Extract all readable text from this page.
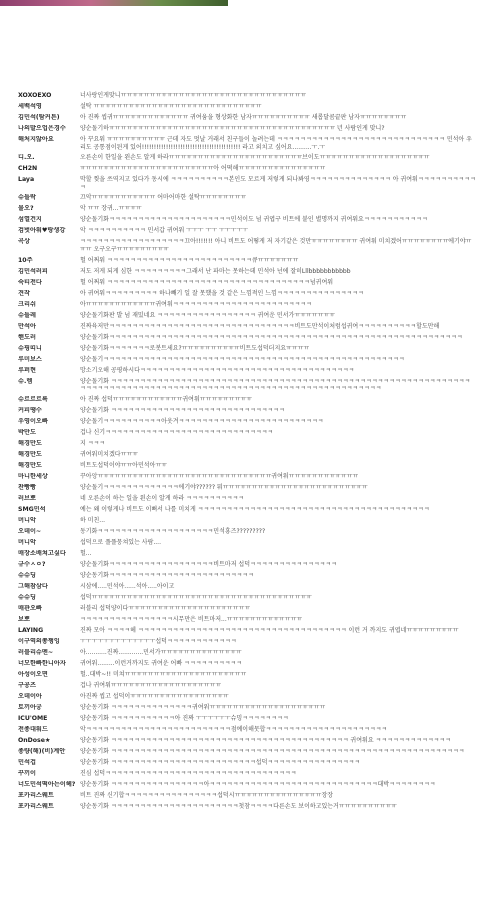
XOXOEXO	너사랑인게맞니ㅠㅠㅠㅠㅠㅠㅠㅠㅠㅠㅠㅠㅠㅠㅠㅠㅠㅠㅠㅠㅠㅠㅠㅠㅠㅠㅠㅠㅠㅠㅠㅠ
세백석영	설탁 ㅠㅠㅠㅠㅠㅠㅠㅠㅠㅠㅠㅠㅠㅠㅠㅠㅠㅠㅠㅠㅠㅠㅠㅠㅠㅠㅠㅠㅠ
김민석(탐커튼)	아 진짜 씹귀ㅠㅠㅠㅠㅠㅠㅠㅠㅠㅠㅠㅠㅠ 귀여움을 형상화한 남자ㅠㅠㅠㅠㅠㅠㅠㅠㅠㅠ 새롭달콤끝판 남자ㅠㅠㅠㅠㅠㅠㅠㅠ
나의발으업은경수	양순돌기하ㅠㅠㅠㅠㅠㅠㅠㅠㅠㅠㅠㅠㅠㅠㅠㅠㅠㅠㅠㅠㅠㅠㅠㅠㅠㅠㅠㅠㅠㅠㅠㅠㅠㅠㅠㅠㅠㅠㅠ 년 사람인게 맞니?
해처지않아요	아 꾸요워 ㅠㅠㅠㅠㅠㅠㅠㅠㅠㅠ 근데 자도 멋날 거래서 친구들이 놀려는데 ㅋㅋㅋㅋㅋㅋㅋㅋㅋㅋㅋㅋㅋㅋㅋㅋㅋㅋㅋㅋㅋㅋㅋㅋㅋㅋㅋㅋㅋ 민석아 우리도 공통점이된게 있어!!!!!!!!!!!!!!!!!!!!!!!!!!!!!!!!!!!!!!!!! 라고 외치고 싶어요..........ㅜ.ㅜ
디.오.	오른손이 한일을 왼손도 알게 하라ㅠㅠㅠㅠㅠㅠㅠㅠㅠㅠㅠㅠㅠㅠㅠㅠㅠㅠㅠㅠㅠㅠㅠ브이도ㅠㅠㅠㅠㅠㅠㅠㅠㅠㅠㅠㅠㅠㅠㅠㅠㅠㅠㅠ
CH2N	ㅠㅠㅠㅠㅠㅠㅠㅠㅠㅠㅠㅠㅠㅠㅠㅠㅠㅠㅠㅠㅠㅠㅠ아 어떡해ㅠㅠㅠㅠㅠㅠㅠㅠㅠㅠㅠㅠㅠㅠㅠ
Laya	막할 찢을 쓰역지고 있다가 동시에 ㅋㅋㅋㅋㅋㅋㅋㅋㅋㅋ본인도 모르게 저렇게 되나봐영ㅋㅋㅋㅋㅋㅋㅋㅋㅋㅋㅋㅋㅋㅋ 아 귀여워ㅋㅋㅋㅋㅋㅋㅋㅋㅋㅋㅋ
슈들락	끄악ㅠㅠㅠㅠㅠㅠㅠㅠㅠㅠㅠ 어마어마한 설탁ㅠㅠㅠㅠㅠㅠㅠㅠ
물오?	악 ㅠㅠ 장귀...ㅠㅠㅠㅠ
섬열건지	양순돌기화ㅋㅋㅋㅋㅋㅋㅋㅋㅋㅋㅋㅋㅋㅋㅋㅋㅋㅋㅋㅋㅋ민석이도 넘 귀엽구 비트에 붙인 별명까지 귀여워요ㅋㅋㅋㅋㅋㅋㅋㅋㅋㅋㅋ
검벗아워♥랑생강	악 ㅋㅋㅋㅋㅋㅋㅋㅋㅋㅋ 민서갑 귀여워 ㅜㅜㅜ ㅜㅜ ㅜㅜㅜㅜㅜ
곡상	ㅋㅋㅋㅋㅋㅋㅋㅋㅋㅋㅋㅋㅋㅋㅋㅋㅋㅋ끄아!!!!!!! 아니 비트도 어떻게 저 자기같은 것만ㅠㅠㅠㅠㅠㅠㅠㅠ 귀여워 미치겠어ㅠㅠㅠㅠㅠㅠㅠㅠ에기야ㅠㅠㅠ 오구오구ㅠㅠㅠㅠㅠㅠㅠㅠㅠ
10주	헐 어쩌워 ㅋㅋㅋㅋㅋㅋㅋㅋㅋㅋㅋㅋㅋㅋㅋㅋㅋㅋㅋㅋㅋㅋㅋㅋㅋ큐ㅠㅠㅠㅠㅠㅠㅠ
김민석러피	저도 저게 되게 심한 ㅋㅋㅋㅋㅋㅋㅋㅋㅋ그래서 난 파마는 못하는데 민석아 넌에 잘히Lllbbbbbbbbbbb
숙티전다	헐 어쩌워 ㅋㅋㅋㅋㅋㅋㅋㅋㅋㅋㅋㅋㅋㅋㅋㅋㅋㅋㅋㅋㅋㅋㅋㅋㅋㅋㅋㅋㅋㅋㅋㅋㅋㅋㅋ넘귀여워
견작	아 귀여워ㅋㅋㅋㅋㅋㅋㅋㅋㅋ 하나빼기 일 잘 못했을 것 같은 느낌적인 느낌ㅋㅋㅋㅋㅋㅋㅋㅋㅋㅋㅋㅋㅋㅋㅋ
크리쉬	아ㅠㅠㅠㅠㅠㅠㅠㅠㅠㅠㅠㅠ귀여워ㅋㅋㅋㅋㅋㅋㅋㅋㅋㅋㅋㅋㅋㅋㅋㅋㅋㅋㅋㅋㅋㅋㅋㅋ
슈들레	양순돌기화판 발 넘 재밌네요 ㅋㅋㅋㅋㅋㅋㅋㅋㅋㅋㅋㅋㅋㅋㅋㅋㅋ 귀여운 민서가ㅠㅠㅠㅠㅠㅠㅠ
만석아	진짜육저만ㅋㅋㅋㅋㅋㅋㅋㅋㅋㅋㅋㅋㅋㅋㅋㅋㅋㅋㅋㅋㅋㅋㅋㅋㅋㅋㅋㅋㅋㅋㅋㅋ비트도만석이처럼섭귀여ㅋㅋㅋㅋㅋㅋㅋㅋㅋㅋ할도만해
핸도러	양순돌기화ㅋㅋㅋㅋㅋㅋㅋㅋㅋㅋㅋㅋㅋㅋㅋㅋㅋㅋㅋㅋㅋㅋㅋㅋㅋㅋㅋㅋㅋㅋㅋㅋㅋㅋㅋㅋㅋㅋㅋㅋㅋㅋㅋㅋㅋㅋㅋㅋㅋㅋㅋㅋㅋㅋㅋㅋㅋㅋㅋㅋㅋ
슈핑띠니	양순돌기화ㅋㅋㅋㅋㅋㅋㅋ로봇트세요?ㅠㅠㅠㅠㅠㅠㅠㅠㅠㅠ비트도섭덕더지요ㅠㅠㅠㅠ
루미보스	양순돌기ㅋㅋㅋㅋㅋㅋㅋㅋㅋㅋㅋㅋㅋㅋㅋㅋㅋㅋㅋㅋㅋㅋㅋㅋㅋㅋㅋㅋㅋㅋㅋㅋㅋㅋㅋㅋㅋㅋㅋㅋㅋㅋㅋㅋㅋㅋㅋㅋㅋㅋㅋㅋ
루퍼현	망소기오해 공평하시다ㅋㅋㅋㅋㅋㅋㅋㅋㅋㅋㅋㅋㅋㅋㅋㅋㅋㅋㅋㅋㅋㅋㅋㅋㅋㅋㅋㅋㅋㅋㅋㅋㅋㅋㅋㅋㅋ
슈.렘	양순돌기화 ㅋㅋㅋㅋㅋㅋㅋㅋㅋㅋㅋㅋㅋㅋㅋㅋㅋㅋㅋㅋㅋㅋㅋㅋㅋㅋㅋㅋㅋㅋㅋㅋㅋㅋㅋㅋㅋㅋㅋㅋㅋㅋㅋㅋㅋㅋㅋㅋㅋㅋㅋㅋㅋㅋㅋㅋㅋㅋㅋㅋㅋㅋㅋㅋㅋㅋㅋㅋㅋㅋㅋㅋㅋㅋㅋㅋㅋㅋㅋㅋㅋㅋㅋㅋㅋㅋㅋㅋㅋㅋㅋㅋㅋㅋㅋㅋㅋㅋㅋㅋㅋㅋㅋㅋㅋㅋㅋㅋㅋㅋㅋㅋㅋㅋ
슈르르르륵	아 진짜 섭덕ㅠㅠㅠㅠㅠㅠㅠㅠㅠㅠㅠㅠ귀여워ㅠㅠㅠㅠㅠㅠㅠㅠㅠ
커피땡수	양순돌기화 ㅋㅋㅋㅋㅋㅋㅋㅋㅋㅋㅋㅋㅋㅋㅋㅋㅋㅋㅋㅋㅋㅋㅋㅋㅋㅋㅋㅋㅋㅋ
우영이오빠	양순돌기ㅋㅋㅋㅋㅋㅋㅋㅋㅋㅋ아웃겨ㅋㅋㅋㅋㅋㅋㅋㅋㅋㅋㅋㅋㅋㅋㅋㅋㅋㅋㅋㅋㅋㅋㅋㅋㅋ
박만도	겁나 신기ㅋㅋㅋㅋㅋㅋㅋㅋㅋㅋㅋㅋㅋㅋㅋㅋㅋㅋㅋㅋㅋㅋㅋㅋㅋㅋㅋㅋㅋ
해경만도	지 ㅋㅋㅋ
해경만도	귀여워미치겠다ㅠㅠㅠ
해경만도	비트도섭덕이야ㅠㅠ아민석아ㅠㅠ
마니한세상	꾸아앙ㅠㅠㅠㅠㅠㅠㅠㅠㅠㅠㅠㅠㅠㅠㅠㅠㅠㅠㅠㅠㅠㅠㅠㅠㅠㅠㅠㅠㅠㅠ귀여워ㅠㅠㅠㅠㅠㅠㅠㅠㅠㅠㅠㅠ
찬빵빵	양순돌기ㅋㅋㅋㅋㅋㅋㅋㅋㅋㅋㅋㅋㅋ에기야?????? 뭐ㅠㅠㅠㅠㅠㅠㅠㅠㅠㅠㅠㅠㅠㅠㅠㅠㅠㅠㅠㅠㅠㅠㅠㅠㅠ
러브뽀	네 오른손이 하는 일을 왼손이 알게 하라 ㅋㅋㅋㅋㅋㅋㅋㅋㅋㅋ
SMG민석	예는 왜 이렇게나 비트도 이뻐서 나를 미치게 ㅋㅋㅋㅋㅋㅋㅋㅋㅋㅋㅋㅋㅋㅋㅋㅋㅋㅋㅋㅋㅋㅋㅋㅋㅋㅋㅋㅋㅋㅋㅋㅋㅋㅋㅋㅋㅋㅋㅋㅋ
머니악	하 미친...
오데이~	동기화ㅋㅋㅋㅋㅋㅋㅋㅋㅋㅋㅋㅋㅋㅋㅋㅋㅋㅋㅋㅋ민석횽즈?????????
머니악	섭덕으로 플플뭉쳐있는 사람....
매장소배쳐고싶다	헐...
규수ㅅㅇ?	양순돌기화ㅋㅋㅋㅋㅋㅋㅋㅋㅋㅋㅋㅋㅋㅋㅋㅋㅋㅋ비트마저 섭덕ㅋㅋㅋㅋㅋㅋㅋㅋㅋㅋㅋㅋㅋㅋㅋ
슈슈딩	양순동기화ㅋㅋㅋㅋㅋㅋㅋㅋㅋㅋㅋㅋㅋㅋㅋㅋㅋㅋㅋㅋㅋㅋㅋㅋㅋ
그해참삼다	시삼에.....민석아......석아.....아이고
슈슈딩	섭덕ㅠㅠㅠㅠㅠㅠㅠㅠㅠㅠㅠㅠㅠㅠㅠㅠㅠㅠㅠㅠㅠㅠㅠㅠㅠㅠㅠㅠㅠㅠㅠㅠㅠㅠㅠㅠㅠㅠ
매관오빠	러블리 섭덕양이다ㅠㅠㅠㅠㅠㅠㅠㅠㅠㅠㅠㅠㅠㅠㅠㅠㅠㅠㅠㅠㅠ
보뽀	ㅋㅋㅋㅋㅋㅋㅋㅋㅋㅋㅋㅋㅋㅋㅋㅋ시무만은 비트마저...ㅠㅠㅠㅠㅠㅠㅠㅠㅠㅠㅠㅠㅠ
LAYING	진짜 모아 ㅋㅋㅋㅋ헤 ㅋㅋㅋㅋㅋㅋㅋㅋㅋㅋㅋㅋㅋㅋㅋㅋㅋㅋㅋㅋㅋㅋㅋㅋㅋㅋㅋㅋㅋㅋㅋㅋㅋㅋㅋㅋ 이런 거 까지도 귀엽네ㅠㅠㅠㅠㅠㅠㅠㅠㅠ
이구역의쫑쩡잉	ㅜㅜㅜㅜㅜㅜㅜㅜㅜㅜㅜㅜㅜ섭덕ㅋㅋㅋㅋㅋㅋㅋㅋㅋㅋㅋㅋ
러블리슈멘~	아...........진짜.............민서가ㅠㅠㅠㅠㅠㅠㅠㅠㅠㅠㅠㅠㅠㅠ
너모한빠한니아자	귀여워.........이런거까지도 귀여운 어빠 ㅋㅋㅋㅋㅋㅋㅋㅋㅋㅋ
아성이오면	헐..대박~!! 미쳐ㅠㅠㅠㅠㅠㅠㅠㅠㅠㅠㅠㅠㅠㅠㅠㅠㅠㅠㅠㅠㅠ
구공즈	겁나 귀여워ㅠㅠㅠㅠㅠㅠㅠㅠㅠㅠㅠㅠㅠㅠㅠㅠㅠㅠㅠ
오데이아	아진짜 씹고 섭덕이ㅠㅠㅠㅠㅠㅠㅠㅠㅠㅠㅠㅠㅠㅠㅠㅠㅠ
토끼아궁	양순동기화 ㅋㅋㅋㅋㅋㅋㅋㅋㅋㅋㅋㅋㅋㅋ귀여워ㅠㅠㅠㅠㅠㅠㅠㅠㅠㅠㅠㅠㅠㅠㅠㅠㅠㅠㅠㅠ
ICU'OME	양순동기화 ㅋㅋㅋㅋㅋㅋㅋㅋㅋㅋㅋ아 진짜 ㅜㅜㅜㅜㅜㅜ슈밍ㅋㅋㅋㅋㅋㅋㅋㅋ
전종대워드	악ㅋㅋㅋㅋㅋㅋㅋㅋㅋㅋㅋㅋㅋㅋㅋㅋㅋㅋㅋㅋㅋㅋㅋㅋㅋ점예이해뭇합ㅋㅋㅋㅋㅋㅋㅋㅋㅋㅋㅋㅋㅋㅋㅋㅋㅋㅋㅋㅋㅋ
OnDose★	양순동기화 ㅋㅋㅋㅋㅋㅋㅋㅋㅋㅋㅋㅋㅋㅋㅋㅋㅋㅋㅋㅋㅋㅋㅋㅋㅋㅋㅋㅋㅋㅋㅋㅋㅋㅋㅋㅋㅋㅋㅋㅋㅋ 귀여워요 ㅋㅋㅋㅋㅋㅋㅋㅋㅋㅋㅋㅋㅋ
종량(해)(비)계안	양순동기화 ㅋㅋㅋㅋㅋㅋㅋㅋㅋㅋㅋㅋㅋㅋㅋㅋㅋㅋㅋㅋㅋㅋㅋㅋㅋㅋㅋㅋㅋㅋㅋㅋㅋㅋㅋㅋㅋㅋㅋㅋㅋㅋㅋㅋㅋㅋㅋㅋㅋㅋㅋㅋㅋㅋㅋㅋㅋㅋㅋㅋㅋ
민석겁	양순동기화 ㅋㅋㅋㅋㅋㅋㅋㅋㅋㅋㅋㅋㅋㅋㅋㅋㅋㅋㅋㅋㅋㅋㅋㅋㅋ섭덕ㅋㅋㅋㅋㅋㅋㅋㅋㅋㅋㅋㅋㅋㅋㅋㅋ
꾸끼이	진심 섭덕ㅋㅋㅋㅋㅋㅋㅋㅋㅋㅋㅋㅋㅋㅋㅋㅋㅋㅋㅋㅋㅋㅋㅋㅋㅋㅋㅋㅋㅋㅋㅋㅋㅋ
너도민석떡아는이헤? 양순동기화 ㅋㅋㅋㅋㅋㅋㅋㅋㅋㅋㅋㅋㅋㅋㅋㅋ아ㅋㅋㅋㅋㅋㅋㅋㅋㅋㅋㅋㅋㅋㅋㅋㅋㅋㅋㅋㅋㅋㅋㅋㅋㅋㅋㅋㅋㅋ대박ㅋㅋㅋㅋㅋㅋㅋㅋ
포카리스웨트	비트 진짜 신기합ㅋㅋㅋㅋㅋㅋㅋㅋㅋㅋㅋㅋㅋㅋㅋㅋ섭덕시ㅠㅠㅠㅠㅠㅠㅠㅠㅠㅠㅠㅠㅠㅠㅠ장장
포카리스웨트	양순동기화 ㅋㅋㅋㅋㅋㅋㅋㅋㅋㅋㅋㅋㅋㅋㅋㅋㅋㅋㅋㅋㅋㅋ첫참ㅋㅋㅋㅋ다른손도 보이하고있는거ㅠㅠㅠㅠㅠㅠㅠㅠㅠㅠ
